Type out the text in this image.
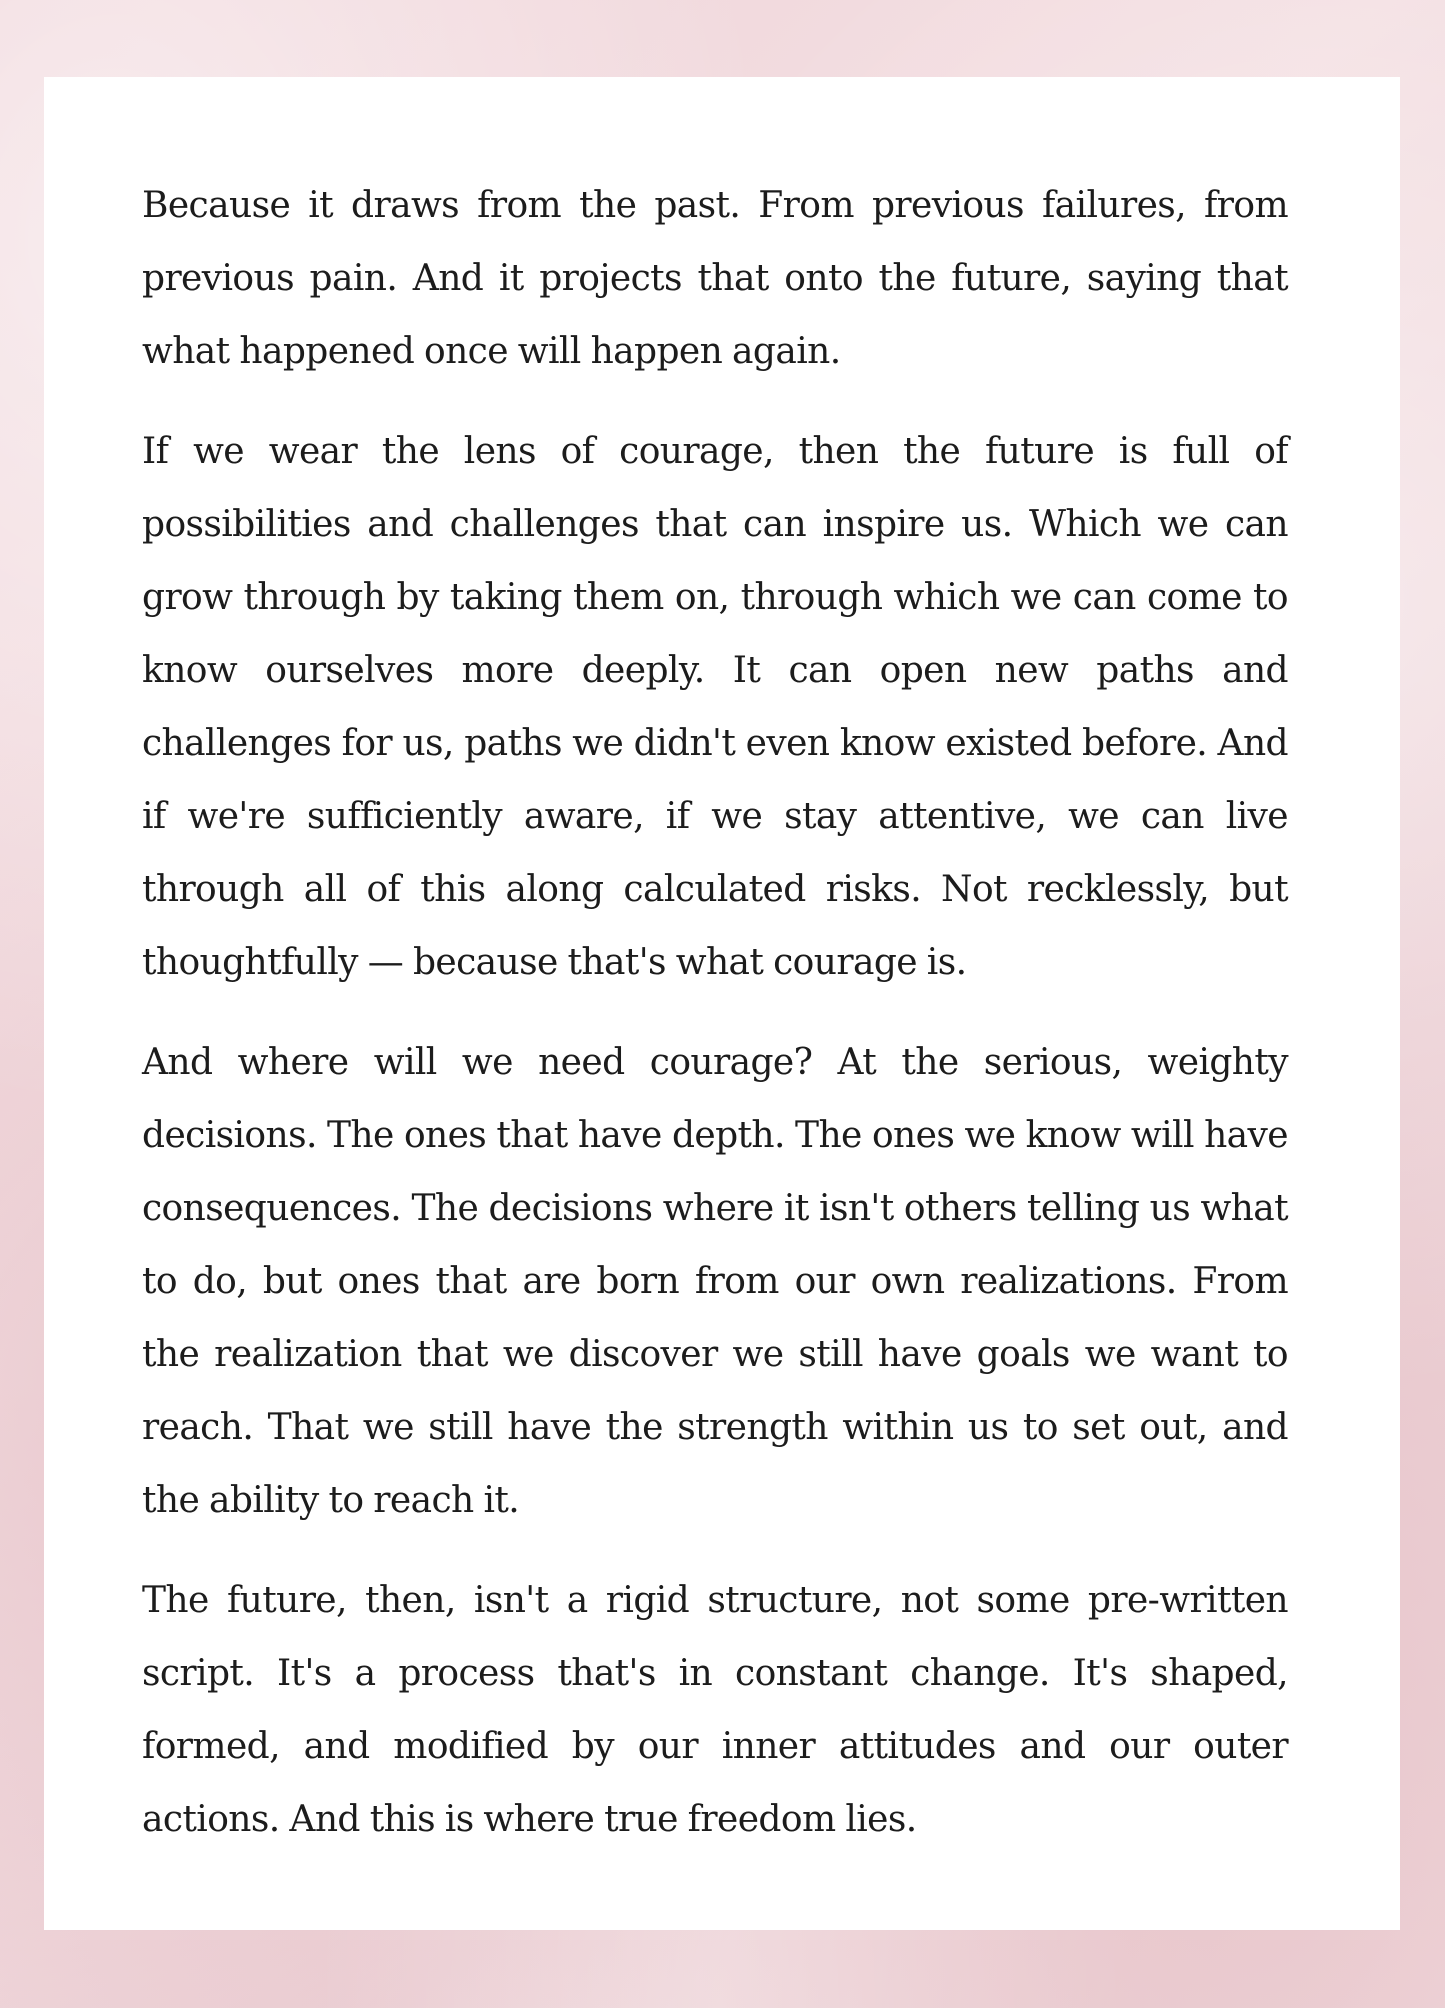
Because it draws from the past. From previous failures, from previous pain. And it projects that onto the future, saying that what happened once will happen again.

If we wear the lens of courage, then the future is full of possibilities and challenges that can inspire us. Which we can grow through by taking them on, through which we can come to know ourselves more deeply. It can open new paths and challenges for us, paths we didn't even know existed before. And if we're sufficiently aware, if we stay attentive, we can live through all of this along calculated risks. Not recklessly, but thoughtfully — because that's what courage is.

And where will we need courage? At the serious, weighty decisions. The ones that have depth. The ones we know will have consequences. The decisions where it isn't others telling us what to do, but ones that are born from our own realizations. From the realization that we discover we still have goals we want to reach. That we still have the strength within us to set out, and the ability to reach it.

The future, then, isn't a rigid structure, not some pre-written script. It's a process that's in constant change. It's shaped, formed, and modified by our inner attitudes and our outer actions. And this is where true freedom lies.
